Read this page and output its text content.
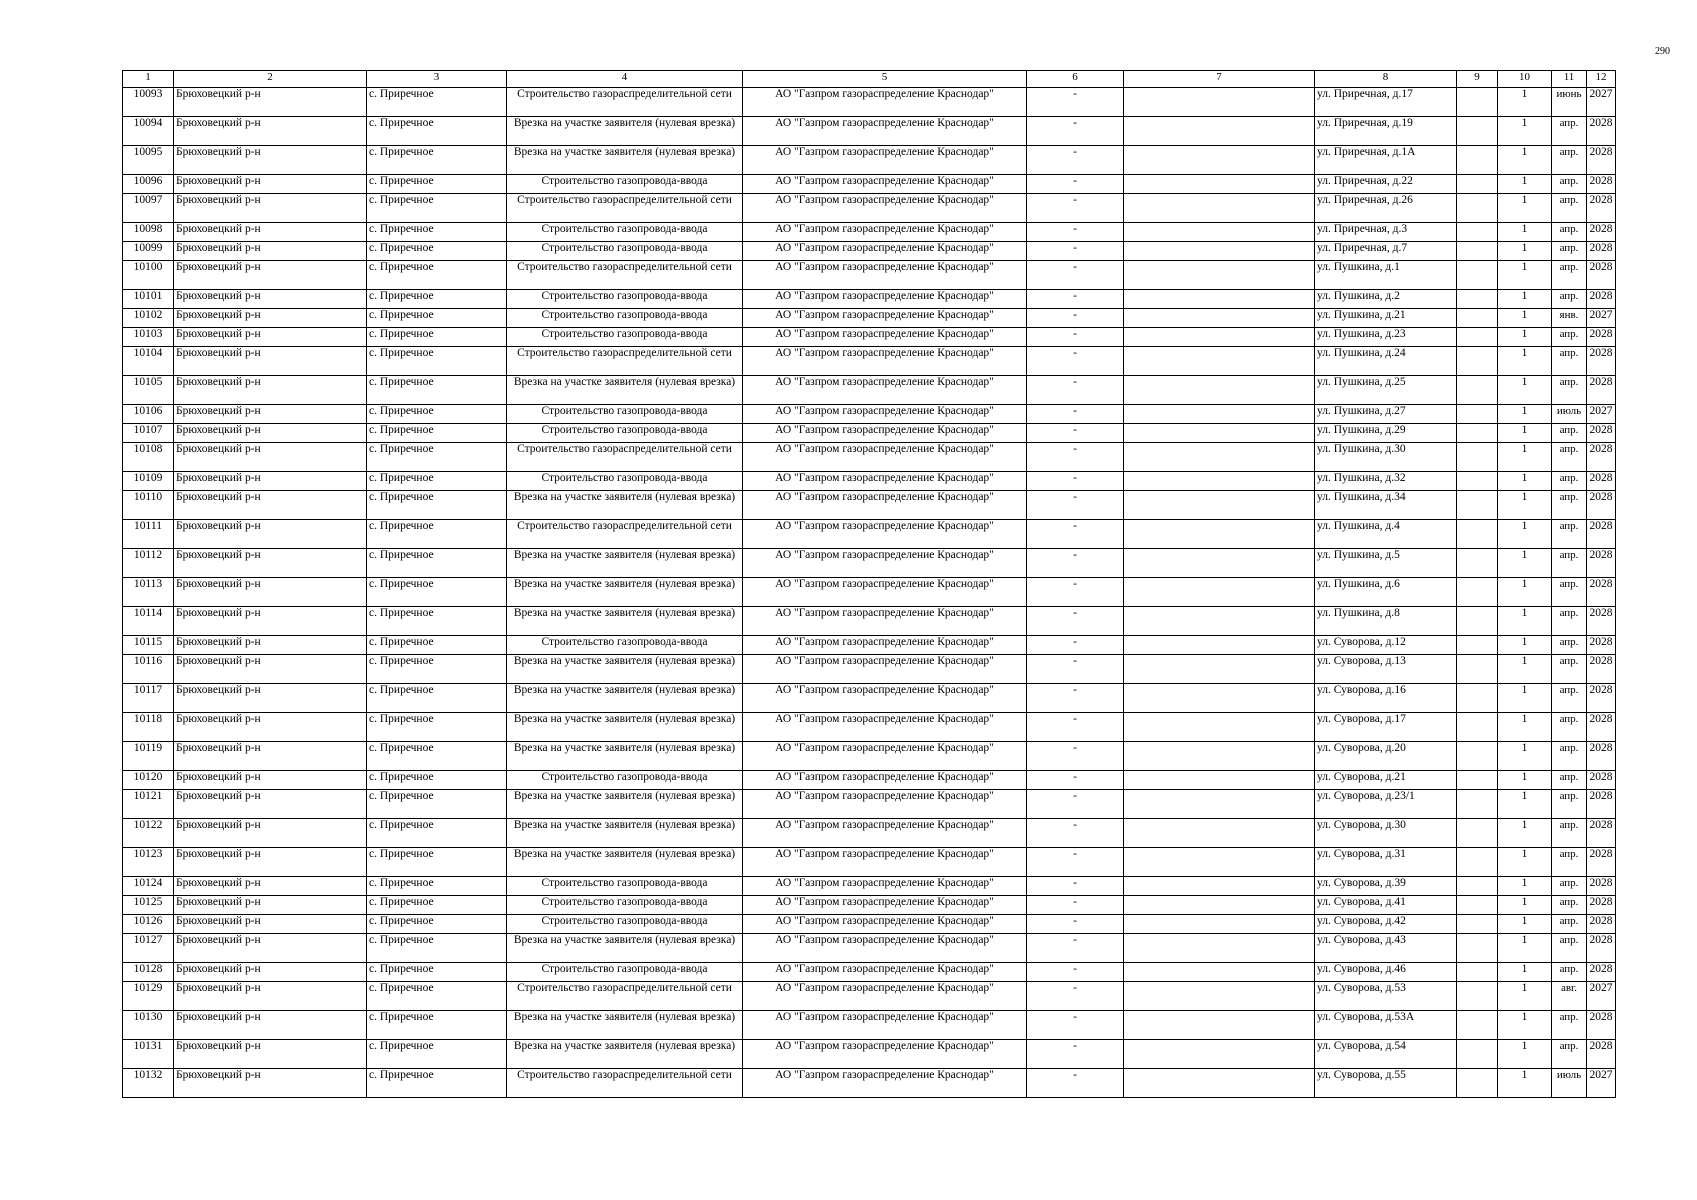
290
1	2	3	4	5	6	7	8	9	10	11	12
10093	Брюховецкий р-н	с. Приречное	Строительство газораспределительной сети	АО "Газпром газораспределение Краснодар"	-		ул. Приречная, д.17		1	июнь	2027
10094	Брюховецкий р-н	с. Приречное	Врезка на участке заявителя (нулевая врезка)	АО "Газпром газораспределение Краснодар"	-		ул. Приречная, д.19		1	апр.	2028
10095	Брюховецкий р-н	с. Приречное	Врезка на участке заявителя (нулевая врезка)	АО "Газпром газораспределение Краснодар"	-		ул. Приречная, д.1А		1	апр.	2028
10096	Брюховецкий р-н	с. Приречное	Строительство газопровода-ввода	АО "Газпром газораспределение Краснодар"	-		ул. Приречная, д.22		1	апр.	2028
10097	Брюховецкий р-н	с. Приречное	Строительство газораспределительной сети	АО "Газпром газораспределение Краснодар"	-		ул. Приречная, д.26		1	апр.	2028
10098	Брюховецкий р-н	с. Приречное	Строительство газопровода-ввода	АО "Газпром газораспределение Краснодар"	-		ул. Приречная, д.3		1	апр.	2028
10099	Брюховецкий р-н	с. Приречное	Строительство газопровода-ввода	АО "Газпром газораспределение Краснодар"	-		ул. Приречная, д.7		1	апр.	2028
10100	Брюховецкий р-н	с. Приречное	Строительство газораспределительной сети	АО "Газпром газораспределение Краснодар"	-		ул. Пушкина, д.1		1	апр.	2028
10101	Брюховецкий р-н	с. Приречное	Строительство газопровода-ввода	АО "Газпром газораспределение Краснодар"	-		ул. Пушкина, д.2		1	апр.	2028
10102	Брюховецкий р-н	с. Приречное	Строительство газопровода-ввода	АО "Газпром газораспределение Краснодар"	-		ул. Пушкина, д.21		1	янв.	2027
10103	Брюховецкий р-н	с. Приречное	Строительство газопровода-ввода	АО "Газпром газораспределение Краснодар"	-		ул. Пушкина, д.23		1	апр.	2028
10104	Брюховецкий р-н	с. Приречное	Строительство газораспределительной сети	АО "Газпром газораспределение Краснодар"	-		ул. Пушкина, д.24		1	апр.	2028
10105	Брюховецкий р-н	с. Приречное	Врезка на участке заявителя (нулевая врезка)	АО "Газпром газораспределение Краснодар"	-		ул. Пушкина, д.25		1	апр.	2028
10106	Брюховецкий р-н	с. Приречное	Строительство газопровода-ввода	АО "Газпром газораспределение Краснодар"	-		ул. Пушкина, д.27		1	июль	2027
10107	Брюховецкий р-н	с. Приречное	Строительство газопровода-ввода	АО "Газпром газораспределение Краснодар"	-		ул. Пушкина, д.29		1	апр.	2028
10108	Брюховецкий р-н	с. Приречное	Строительство газораспределительной сети	АО "Газпром газораспределение Краснодар"	-		ул. Пушкина, д.30		1	апр.	2028
10109	Брюховецкий р-н	с. Приречное	Строительство газопровода-ввода	АО "Газпром газораспределение Краснодар"	-		ул. Пушкина, д.32		1	апр.	2028
10110	Брюховецкий р-н	с. Приречное	Врезка на участке заявителя (нулевая врезка)	АО "Газпром газораспределение Краснодар"	-		ул. Пушкина, д.34		1	апр.	2028
10111	Брюховецкий р-н	с. Приречное	Строительство газораспределительной сети	АО "Газпром газораспределение Краснодар"	-		ул. Пушкина, д.4		1	апр.	2028
10112	Брюховецкий р-н	с. Приречное	Врезка на участке заявителя (нулевая врезка)	АО "Газпром газораспределение Краснодар"	-		ул. Пушкина, д.5		1	апр.	2028
10113	Брюховецкий р-н	с. Приречное	Врезка на участке заявителя (нулевая врезка)	АО "Газпром газораспределение Краснодар"	-		ул. Пушкина, д.6		1	апр.	2028
10114	Брюховецкий р-н	с. Приречное	Врезка на участке заявителя (нулевая врезка)	АО "Газпром газораспределение Краснодар"	-		ул. Пушкина, д.8		1	апр.	2028
10115	Брюховецкий р-н	с. Приречное	Строительство газопровода-ввода	АО "Газпром газораспределение Краснодар"	-		ул. Суворова, д.12		1	апр.	2028
10116	Брюховецкий р-н	с. Приречное	Врезка на участке заявителя (нулевая врезка)	АО "Газпром газораспределение Краснодар"	-		ул. Суворова, д.13		1	апр.	2028
10117	Брюховецкий р-н	с. Приречное	Врезка на участке заявителя (нулевая врезка)	АО "Газпром газораспределение Краснодар"	-		ул. Суворова, д.16		1	апр.	2028
10118	Брюховецкий р-н	с. Приречное	Врезка на участке заявителя (нулевая врезка)	АО "Газпром газораспределение Краснодар"	-		ул. Суворова, д.17		1	апр.	2028
10119	Брюховецкий р-н	с. Приречное	Врезка на участке заявителя (нулевая врезка)	АО "Газпром газораспределение Краснодар"	-		ул. Суворова, д.20		1	апр.	2028
10120	Брюховецкий р-н	с. Приречное	Строительство газопровода-ввода	АО "Газпром газораспределение Краснодар"	-		ул. Суворова, д.21		1	апр.	2028
10121	Брюховецкий р-н	с. Приречное	Врезка на участке заявителя (нулевая врезка)	АО "Газпром газораспределение Краснодар"	-		ул. Суворова, д.23/1		1	апр.	2028
10122	Брюховецкий р-н	с. Приречное	Врезка на участке заявителя (нулевая врезка)	АО "Газпром газораспределение Краснодар"	-		ул. Суворова, д.30		1	апр.	2028
10123	Брюховецкий р-н	с. Приречное	Врезка на участке заявителя (нулевая врезка)	АО "Газпром газораспределение Краснодар"	-		ул. Суворова, д.31		1	апр.	2028
10124	Брюховецкий р-н	с. Приречное	Строительство газопровода-ввода	АО "Газпром газораспределение Краснодар"	-		ул. Суворова, д.39		1	апр.	2028
10125	Брюховецкий р-н	с. Приречное	Строительство газопровода-ввода	АО "Газпром газораспределение Краснодар"	-		ул. Суворова, д.41		1	апр.	2028
10126	Брюховецкий р-н	с. Приречное	Строительство газопровода-ввода	АО "Газпром газораспределение Краснодар"	-		ул. Суворова, д.42		1	апр.	2028
10127	Брюховецкий р-н	с. Приречное	Врезка на участке заявителя (нулевая врезка)	АО "Газпром газораспределение Краснодар"	-		ул. Суворова, д.43		1	апр.	2028
10128	Брюховецкий р-н	с. Приречное	Строительство газопровода-ввода	АО "Газпром газораспределение Краснодар"	-		ул. Суворова, д.46		1	апр.	2028
10129	Брюховецкий р-н	с. Приречное	Строительство газораспределительной сети	АО "Газпром газораспределение Краснодар"	-		ул. Суворова, д.53		1	авг.	2027
10130	Брюховецкий р-н	с. Приречное	Врезка на участке заявителя (нулевая врезка)	АО "Газпром газораспределение Краснодар"	-		ул. Суворова, д.53А		1	апр.	2028
10131	Брюховецкий р-н	с. Приречное	Врезка на участке заявителя (нулевая врезка)	АО "Газпром газораспределение Краснодар"	-		ул. Суворова, д.54		1	апр.	2028
10132	Брюховецкий р-н	с. Приречное	Строительство газораспределительной сети	АО "Газпром газораспределение Краснодар"	-		ул. Суворова, д.55		1	июль	2027
